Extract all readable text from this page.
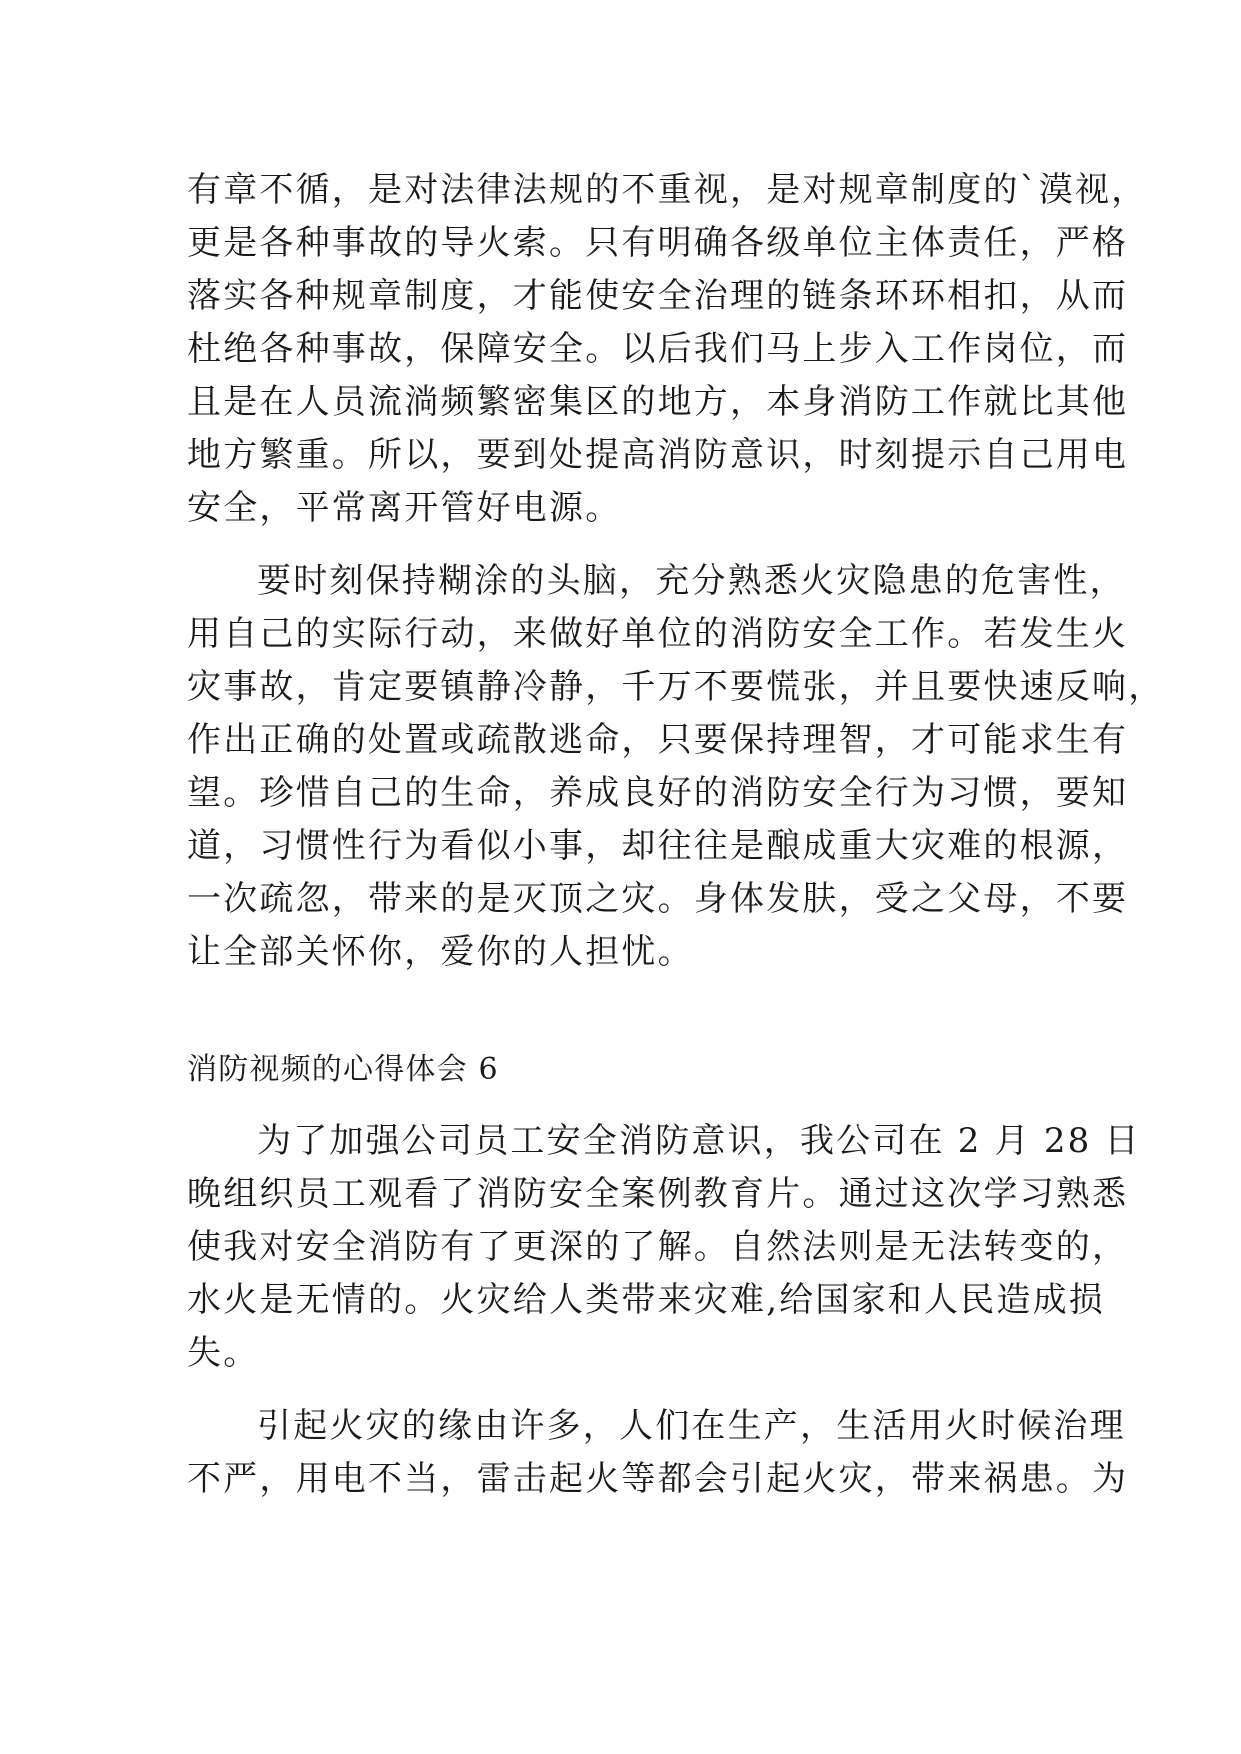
有章不循，是对法律法规的不重视，是对规章制度的`漠视，
更是各种事故的导火索。只有明确各级单位主体责任，严格
落实各种规章制度，才能使安全治理的链条环环相扣，从而
杜绝各种事故，保障安全。以后我们马上步入工作岗位，而
且是在人员流淌频繁密集区的地方，本身消防工作就比其他
地方繁重。所以，要到处提高消防意识，时刻提示自己用电
安全，平常离开管好电源。
要时刻保持糊涂的头脑，充分熟悉火灾隐患的危害性，
用自己的实际行动，来做好单位的消防安全工作。若发生火
灾事故，肯定要镇静冷静，千万不要慌张，并且要快速反响，
作出正确的处置或疏散逃命，只要保持理智，才可能求生有
望。珍惜自己的生命，养成良好的消防安全行为习惯，要知
道，习惯性行为看似小事，却往往是酿成重大灾难的根源，
一次疏忽，带来的是灭顶之灾。身体发肤，受之父母，不要
让全部关怀你，爱你的人担忧。
消防视频的心得体会 6
为了加强公司员工安全消防意识，我公司在 2 月 28 日
晚组织员工观看了消防安全案例教育片。通过这次学习熟悉
使我对安全消防有了更深的了解。自然法则是无法转变的，
水火是无情的。火灾给人类带来灾难,给国家和人民造成损
失。
引起火灾的缘由许多，人们在生产，生活用火时候治理
不严，用电不当，雷击起火等都会引起火灾，带来祸患。为
